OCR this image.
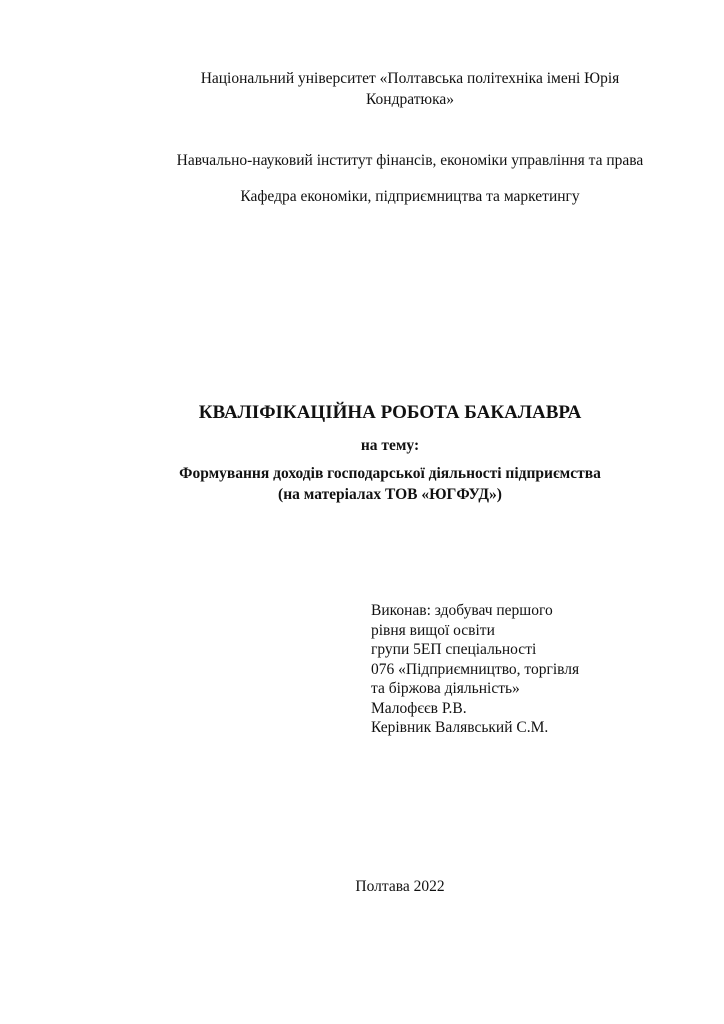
Національний університет «Полтавська політехніка імені Юрія
Кондратюка»
Навчально-науковий інститут фінансів, економіки управління та права
Кафедра економіки, підприємництва та маркетингу
КВАЛІФІКАЦІЙНА РОБОТА БАКАЛАВРА
на тему:
Формування доходів господарської діяльності підприємства
(на матеріалах ТОВ «ЮГФУД»)
Виконав: здобувач першого
рівня вищої освіти
групи 5ЕП спеціальності
076 «Підприємництво, торгівля
та біржова діяльність»
Малофєєв Р.В.
Керівник Валявський С.М.
Полтава 2022
